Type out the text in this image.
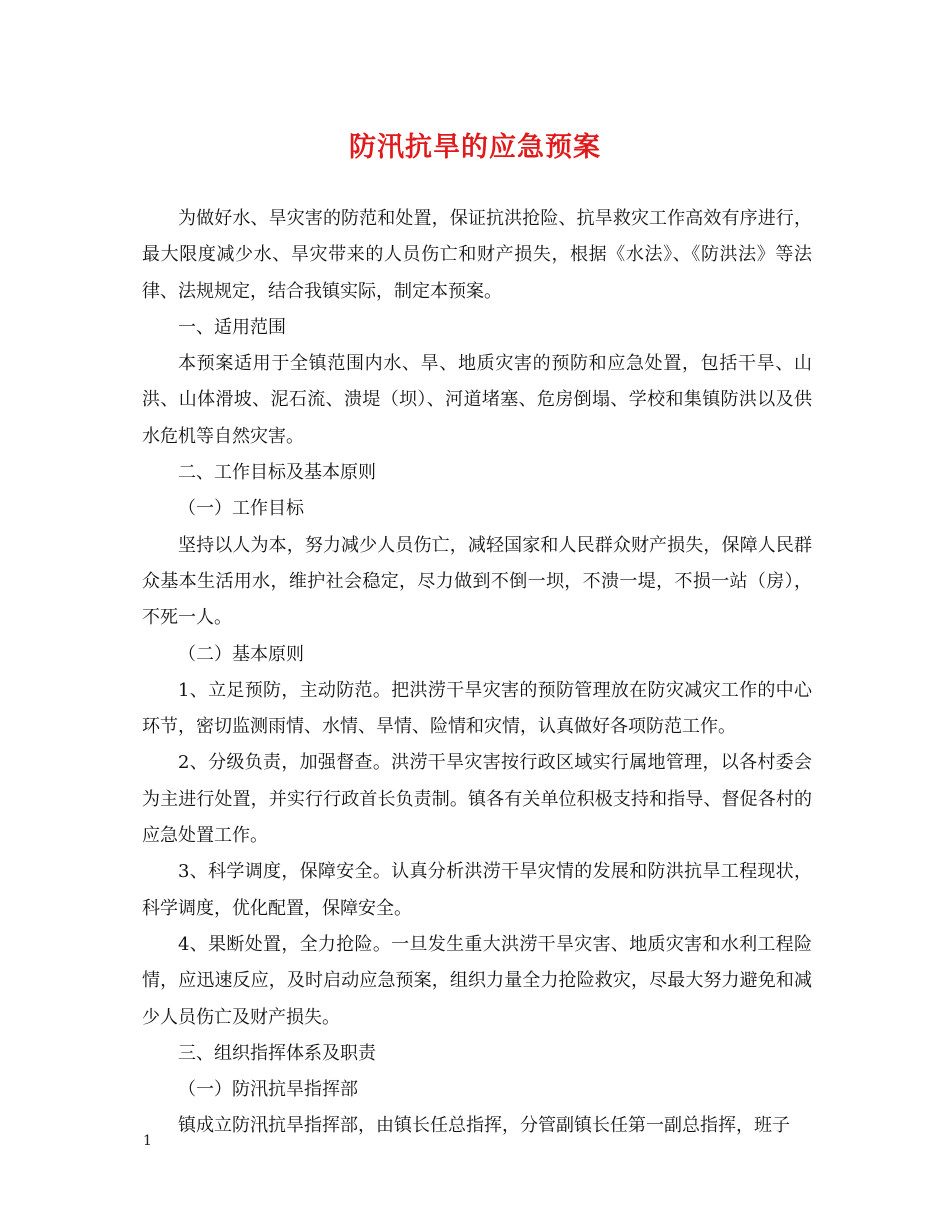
防汛抗旱的应急预案

为做好水、旱灾害的防范和处置，保证抗洪抢险、抗旱救灾工作高效有序进行，最大限度减少水、旱灾带来的人员伤亡和财产损失，根据《水法》、《防洪法》等法律、法规规定，结合我镇实际，制定本预案。

一、适用范围

本预案适用于全镇范围内水、旱、地质灾害的预防和应急处置，包括干旱、山洪、山体滑坡、泥石流、溃堤（坝）、河道堵塞、危房倒塌、学校和集镇防洪以及供水危机等自然灾害。

二、工作目标及基本原则

（一）工作目标

坚持以人为本，努力减少人员伤亡，减轻国家和人民群众财产损失，保障人民群众基本生活用水，维护社会稳定，尽力做到不倒一坝，不溃一堤，不损一站（房），不死一人。

（二）基本原则

1、立足预防，主动防范。把洪涝干旱灾害的预防管理放在防灾减灾工作的中心环节，密切监测雨情、水情、旱情、险情和灾情，认真做好各项防范工作。

2、分级负责，加强督查。洪涝干旱灾害按行政区域实行属地管理，以各村委会为主进行处置，并实行行政首长负责制。镇各有关单位积极支持和指导、督促各村的应急处置工作。

3、科学调度，保障安全。认真分析洪涝干旱灾情的发展和防洪抗旱工程现状，科学调度，优化配置，保障安全。

4、果断处置，全力抢险。一旦发生重大洪涝干旱灾害、地质灾害和水利工程险情，应迅速反应，及时启动应急预案，组织力量全力抢险救灾，尽最大努力避免和减少人员伤亡及财产损失。

三、组织指挥体系及职责

（一）防汛抗旱指挥部

镇成立防汛抗旱指挥部，由镇长任总指挥，分管副镇长任第一副总指挥，班子

1
